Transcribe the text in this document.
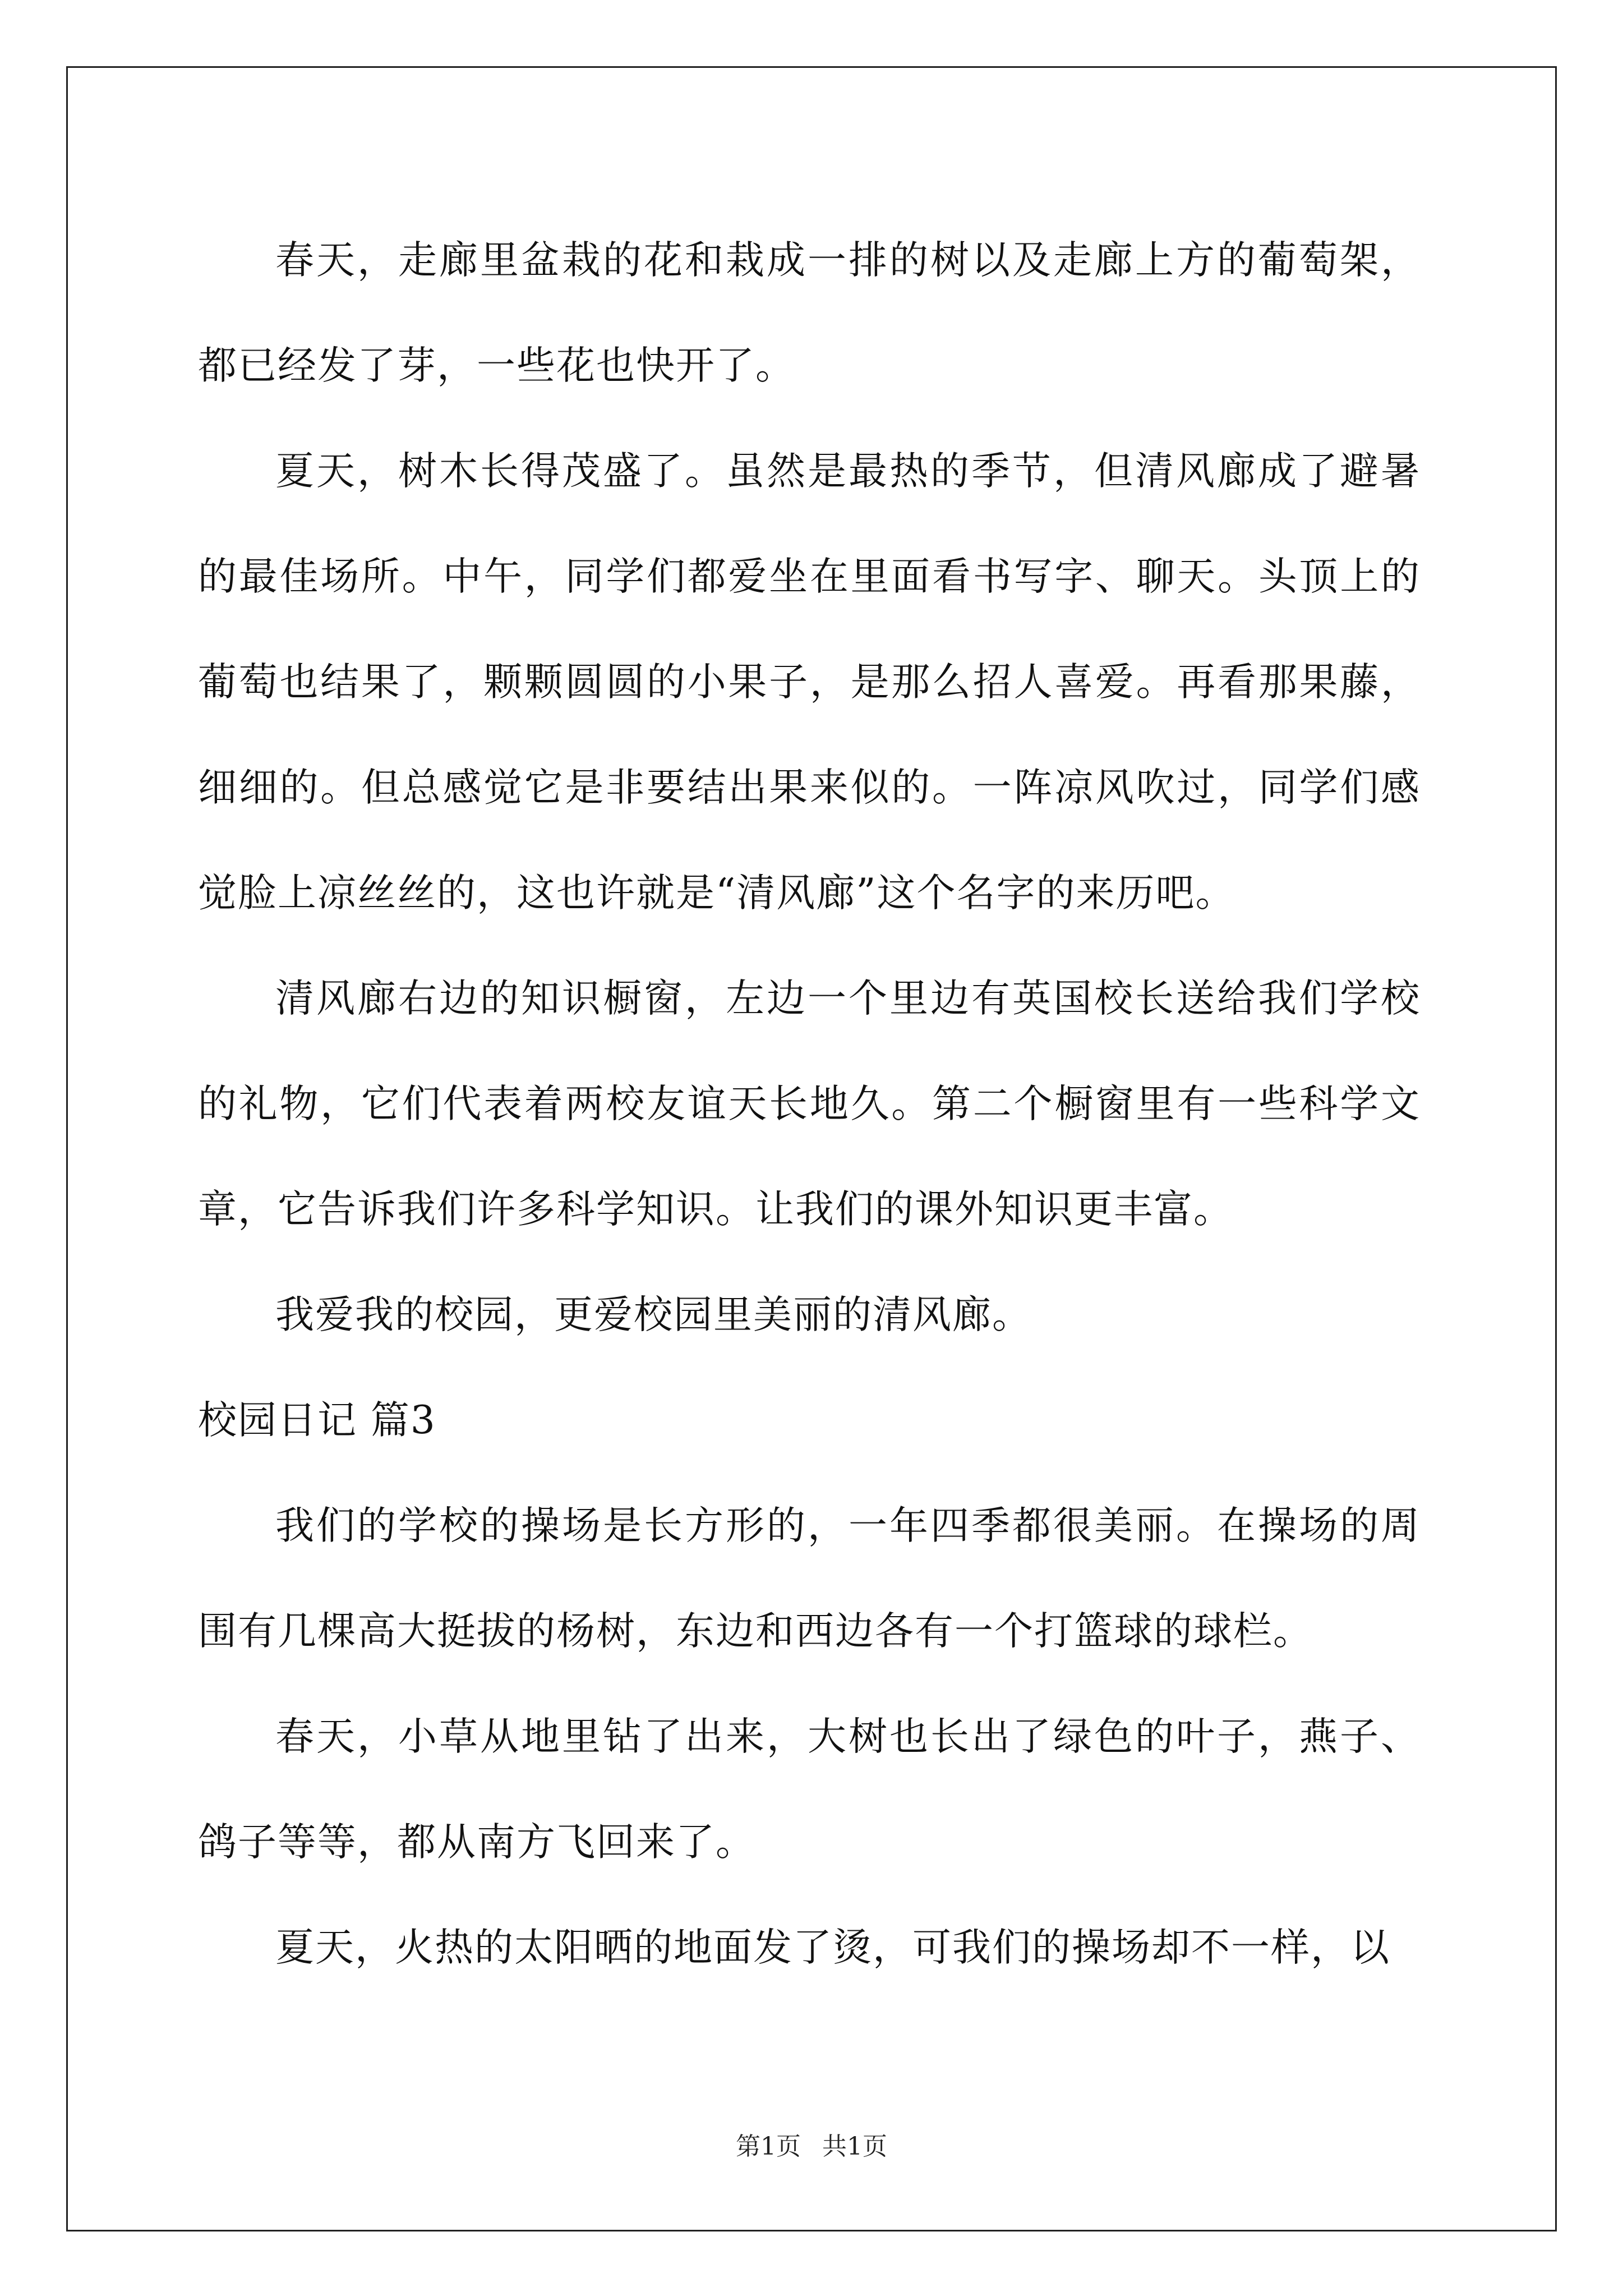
春天，走廊里盆栽的花和栽成一排的树以及走廊上方的葡萄架，都已经发了芽，一些花也快开了。

夏天，树木长得茂盛了。虽然是最热的季节，但清风廊成了避暑的最佳场所。中午，同学们都爱坐在里面看书写字、聊天。头顶上的葡萄也结果了，颗颗圆圆的小果子，是那么招人喜爱。再看那果藤，细细的。但总感觉它是非要结出果来似的。一阵凉风吹过，同学们感觉脸上凉丝丝的，这也许就是“清风廊”这个名字的来历吧。

清风廊右边的知识橱窗，左边一个里边有英国校长送给我们学校的礼物，它们代表着两校友谊天长地久。第二个橱窗里有一些科学文章，它告诉我们许多科学知识。让我们的课外知识更丰富。

我爱我的校园，更爱校园里美丽的清风廊。

校园日记 篇3

我们的学校的操场是长方形的，一年四季都很美丽。在操场的周围有几棵高大挺拔的杨树，东边和西边各有一个打篮球的球栏。

春天，小草从地里钻了出来，大树也长出了绿色的叶子，燕子、鸽子等等，都从南方飞回来了。

夏天，火热的太阳晒的地面发了烫，可我们的操场却不一样，以

第1页 共1页
